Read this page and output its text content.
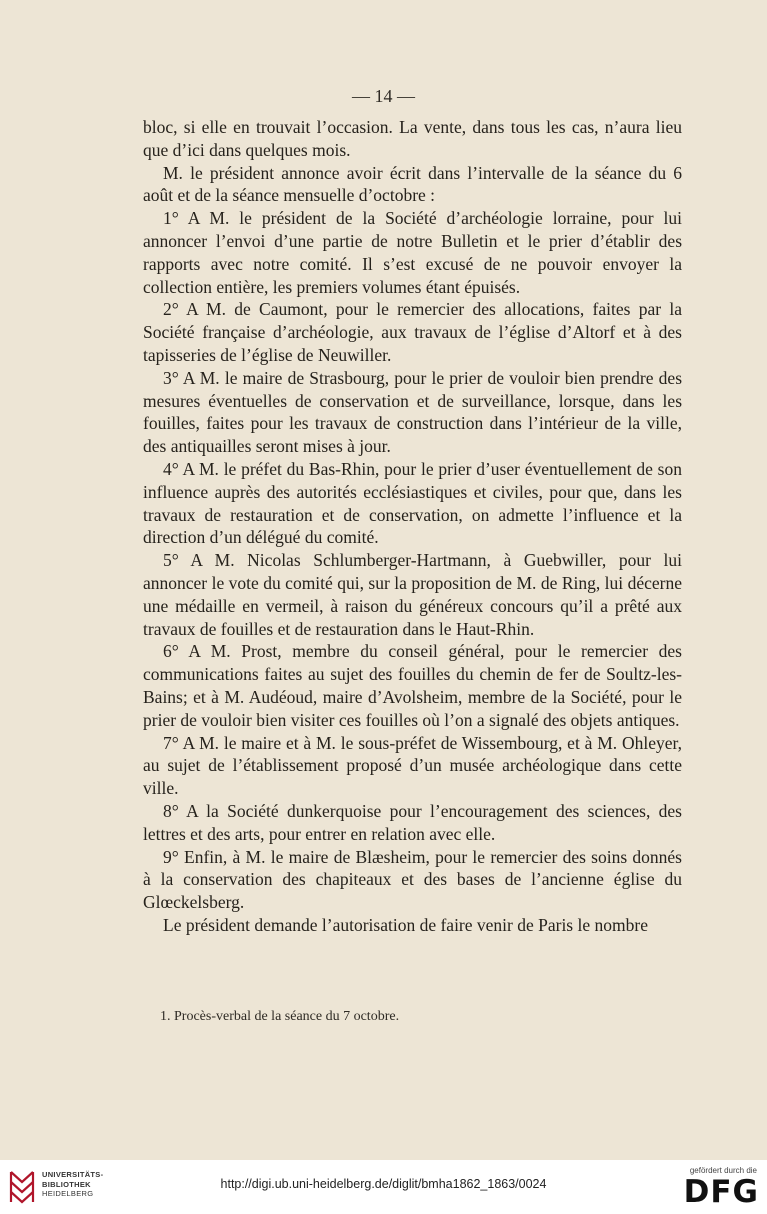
— 14 —

bloc, si elle en trouvait l’occasion. La vente, dans tous les cas, n’aura lieu que d’ici dans quelques mois.

M. le président annonce avoir écrit dans l’intervalle de la séance du 6 août et de la séance mensuelle d’octobre :

1° A M. le président de la Société d’archéologie lorraine, pour lui annoncer l’envoi d’une partie de notre Bulletin et le prier d’établir des rapports avec notre comité. Il s’est excusé de ne pouvoir envoyer la collection entière, les premiers volumes étant épuisés.

2° A M. de Caumont, pour le remercier des allocations, faites par la Société française d’archéologie, aux travaux de l’église d’Altorf et à des tapisseries de l’église de Neuwiller.

3° A M. le maire de Strasbourg, pour le prier de vouloir bien prendre des mesures éventuelles de conservation et de surveillance, lorsque, dans les fouilles, faites pour les travaux de construction dans l’intérieur de la ville, des antiquailles seront mises à jour.

4° A M. le préfet du Bas-Rhin, pour le prier d’user éventuellement de son influence auprès des autorités ecclésiastiques et civiles, pour que, dans les travaux de restauration et de conservation, on admette l’influence et la direction d’un délégué du comité.

5° A M. Nicolas Schlumberger-Hartmann, à Guebwiller, pour lui annoncer le vote du comité qui, sur la proposition de M. de Ring, lui décerne une médaille en vermeil, à raison du généreux concours qu’il a prêté aux travaux de fouilles et de restauration dans le Haut-Rhin.

6° A M. Prost, membre du conseil général, pour le remercier des communications faites au sujet des fouilles du chemin de fer de Soultz-les-Bains; et à M. Audéoud, maire d’Avolsheim, membre de la Société, pour le prier de vouloir bien visiter ces fouilles où l’on a signalé des objets antiques.

7° A M. le maire et à M. le sous-préfet de Wissembourg, et à M. Ohleyer, au sujet de l’établissement proposé d’un musée archéologique dans cette ville.

8° A la Société dunkerquoise pour l’encouragement des sciences, des lettres et des arts, pour entrer en relation avec elle.

9° Enfin, à M. le maire de Blæsheim, pour le remercier des soins donnés à la conservation des chapiteaux et des bases de l’ancienne église du Glœckelsberg.

Le président demande l’autorisation de faire venir de Paris le nombre

1. Procès-verbal de la séance du 7 octobre.
UNIVERSITÄTS-
BIBLIOTHEK
HEIDELBERG
http://digi.ub.uni-heidelberg.de/diglit/bmha1862_1863/0024
gefördert durch die
DFG
